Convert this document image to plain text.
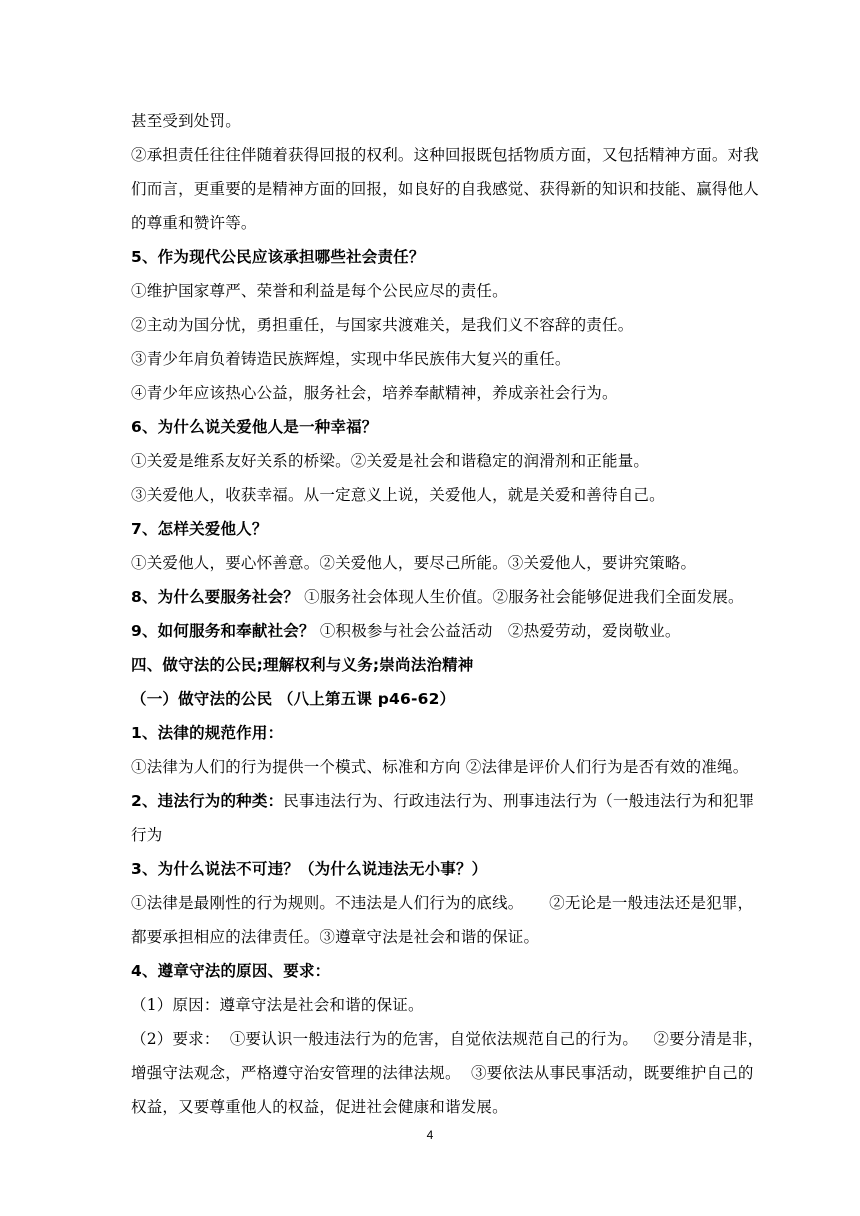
甚至受到处罚。
②承担责任往往伴随着获得回报的权利。这种回报既包括物质方面，又包括精神方面。对我
们而言，更重要的是精神方面的回报，如良好的自我感觉、获得新的知识和技能、赢得他人
的尊重和赞许等。
5、作为现代公民应该承担哪些社会责任？
①维护国家尊严、荣誉和利益是每个公民应尽的责任。
②主动为国分忧，勇担重任，与国家共渡难关，是我们义不容辞的责任。
③青少年肩负着铸造民族辉煌，实现中华民族伟大复兴的重任。
④青少年应该热心公益，服务社会，培养奉献精神，养成亲社会行为。
6、为什么说关爱他人是一种幸福？
①关爱是维系友好关系的桥梁。②关爱是社会和谐稳定的润滑剂和正能量。
③关爱他人，收获幸福。从一定意义上说，关爱他人，就是关爱和善待自己。
7、怎样关爱他人？
①关爱他人，要心怀善意。②关爱他人，要尽己所能。③关爱他人，要讲究策略。
8、为什么要服务社会？ ①服务社会体现人生价值。②服务社会能够促进我们全面发展。
9、如何服务和奉献社会？ ①积极参与社会公益活动   ②热爱劳动，爱岗敬业。
四、做守法的公民;理解权利与义务;崇尚法治精神
（一）做守法的公民 （八上第五课 p46-62）
1、法律的规范作用：
①法律为人们的行为提供一个模式、标准和方向 ②法律是评价人们行为是否有效的准绳。
2、违法行为的种类：民事违法行为、行政违法行为、刑事违法行为（一般违法行为和犯罪
行为
3、为什么说法不可违？（为什么说违法无小事？）
①法律是最刚性的行为规则。不违法是人们行为的底线。     ②无论是一般违法还是犯罪，
都要承担相应的法律责任。③遵章守法是社会和谐的保证。
4、遵章守法的原因、要求：
（1）原因：遵章守法是社会和谐的保证。
（2）要求：  ①要认识一般违法行为的危害，自觉依法规范自己的行为。   ②要分清是非，
增强守法观念，严格遵守治安管理的法律法规。  ③要依法从事民事活动，既要维护自己的
权益，又要尊重他人的权益，促进社会健康和谐发展。
4
